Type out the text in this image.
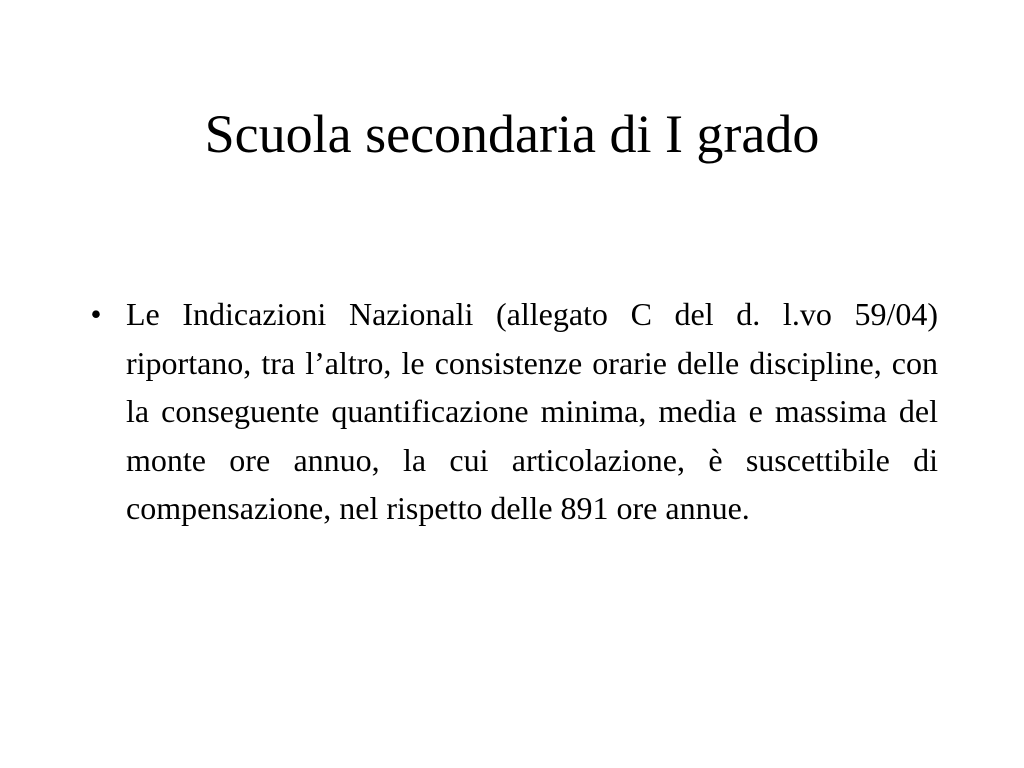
Scuola secondaria di I grado
• Le Indicazioni Nazionali (allegato C del d. l.vo 59/04) riportano, tra l’altro, le consistenze orarie delle discipline, con la conseguente quantificazione minima, media e massima del monte ore annuo, la cui articolazione, è suscettibile di compensazione, nel rispetto delle 891 ore annue.
